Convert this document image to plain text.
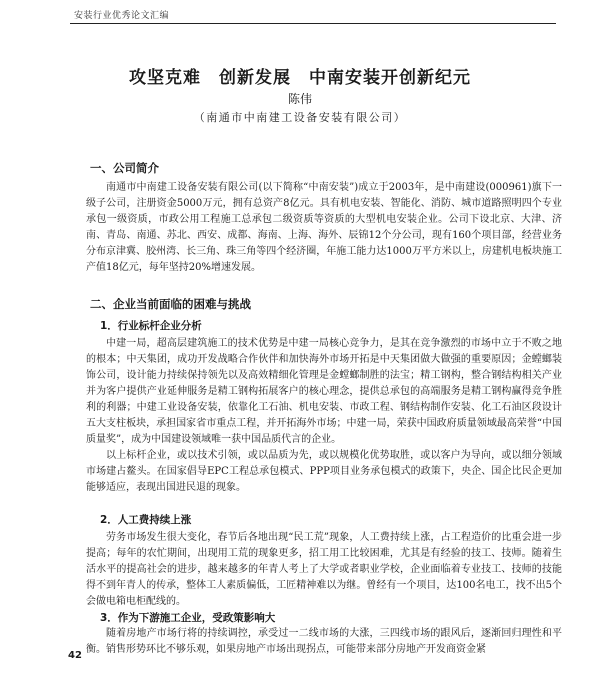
安装行业优秀论文汇编
攻坚克难　创新发展　中南安装开创新纪元
陈伟
（南通市中南建工设备安装有限公司）
一、公司简介

南通市中南建工设备安装有限公司(以下简称“中南安装”)成立于2003年，是中南建设(000961)旗下一级子公司，注册资金5000万元，拥有总资产8亿元。具有机电安装、智能化、消防、城市道路照明四个专业承包一级资质，市政公用工程施工总承包二级资质等资质的大型机电安装企业。公司下设北京、大津、济南、青岛、南通、苏北、西安、成都、海南、上海、海外、辰锦12个分公司，现有160个项目部，经营业务分布京津冀、胶州湾、长三角、珠三角等四个经济圈，年施工能力达1000万平方米以上，房建机电板块施工产值18亿元，每年坚持20%增速发展。

二、企业当前面临的困难与挑战
1．行业标杆企业分析

中建一局，超高层建筑施工的技术优势是中建一局核心竞争力，是其在竞争激烈的市场中立于不败之地的根本；中天集团，成功开发战略合作伙伴和加快海外市场开拓是中天集团做大做强的重要原因；金螳螂装饰公司，设计能力持续保持领先以及高效精细化管理是金螳螂制胜的法宝；精工钢构，整合钢结构相关产业并为客户提供产业延伸服务是精工钢构拓展客户的核心理念，提供总承包的高端服务是精工钢构赢得竞争胜利的利器；中建工业设备安装，依靠化工石油、机电安装、市政工程、钢结构制作安装、化工石油区段设计五大支柱板块，承担国家省市重点工程，并开拓海外市场；中建一局，荣获中国政府质量领域最高荣誉“中国质量奖”，成为中国建设领域唯一获中国品质代言的企业。

以上标杆企业，或以技术引领，或以品质为先，或以规模化优势取胜，或以客户为导向，或以细分领域市场建占鳌头。在国家倡导EPC工程总承包模式、PPP项目业务承包模式的政策下，央企、国企比民企更加能够适应，表现出国进民退的现象。

2．人工费持续上涨

劳务市场发生很大变化，春节后各地出现“民工荒”现象，人工费持续上涨，占工程造价的比重会进一步提高；每年的农忙期间，出现用工荒的现象更多，招工用工比较困难，尤其是有经验的技工、技师。随着生活水平的提高社会的进步，越来越多的年青人考上了大学或者职业学校，企业面临着专业技工、技师的技能得不到年青人的传承，整体工人素质偏低，工匠精神难以为继。曾经有一个项目，达100名电工，找不出5个会做电箱电柜配线的。

3．作为下游施工企业，受政策影响大

随着房地产市场行将的持续调控，承受过一二线市场的大涨，三四线市场的跟风后，逐渐回归理性和平衡。销售形势环比不够乐观，如果房地产市场出现拐点，可能带来部分房地产开发商资金紧

42
